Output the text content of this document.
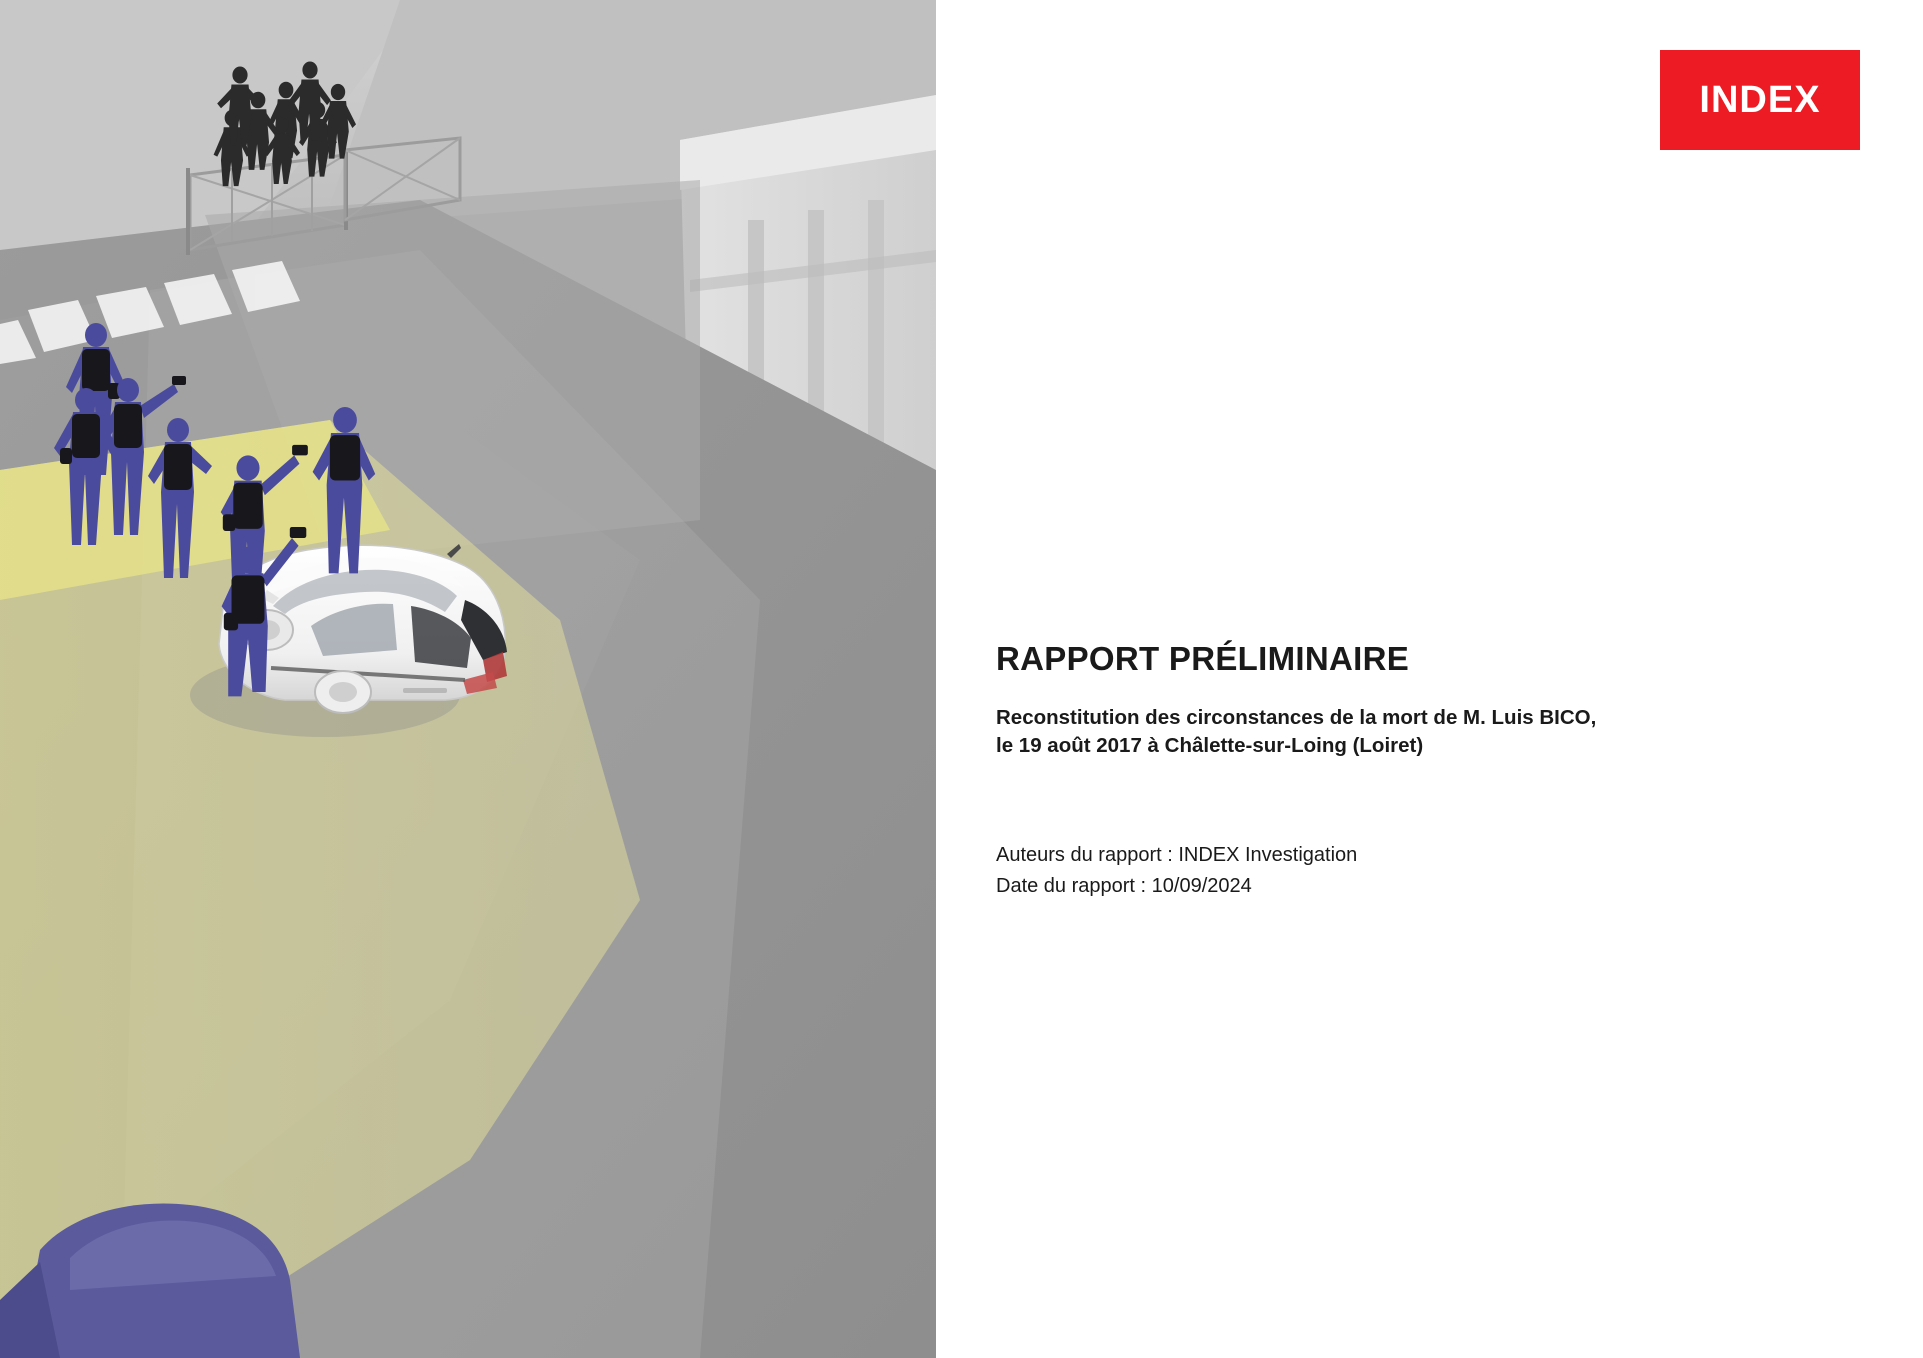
INDEX
RAPPORT PRÉLIMINAIRE

Reconstitution des circonstances de la mort de M. Luis BICO,
le 19 août 2017 à Châlette-sur-Loing (Loiret)

Auteurs du rapport : INDEX Investigation
Date du rapport : 10/09/2024
